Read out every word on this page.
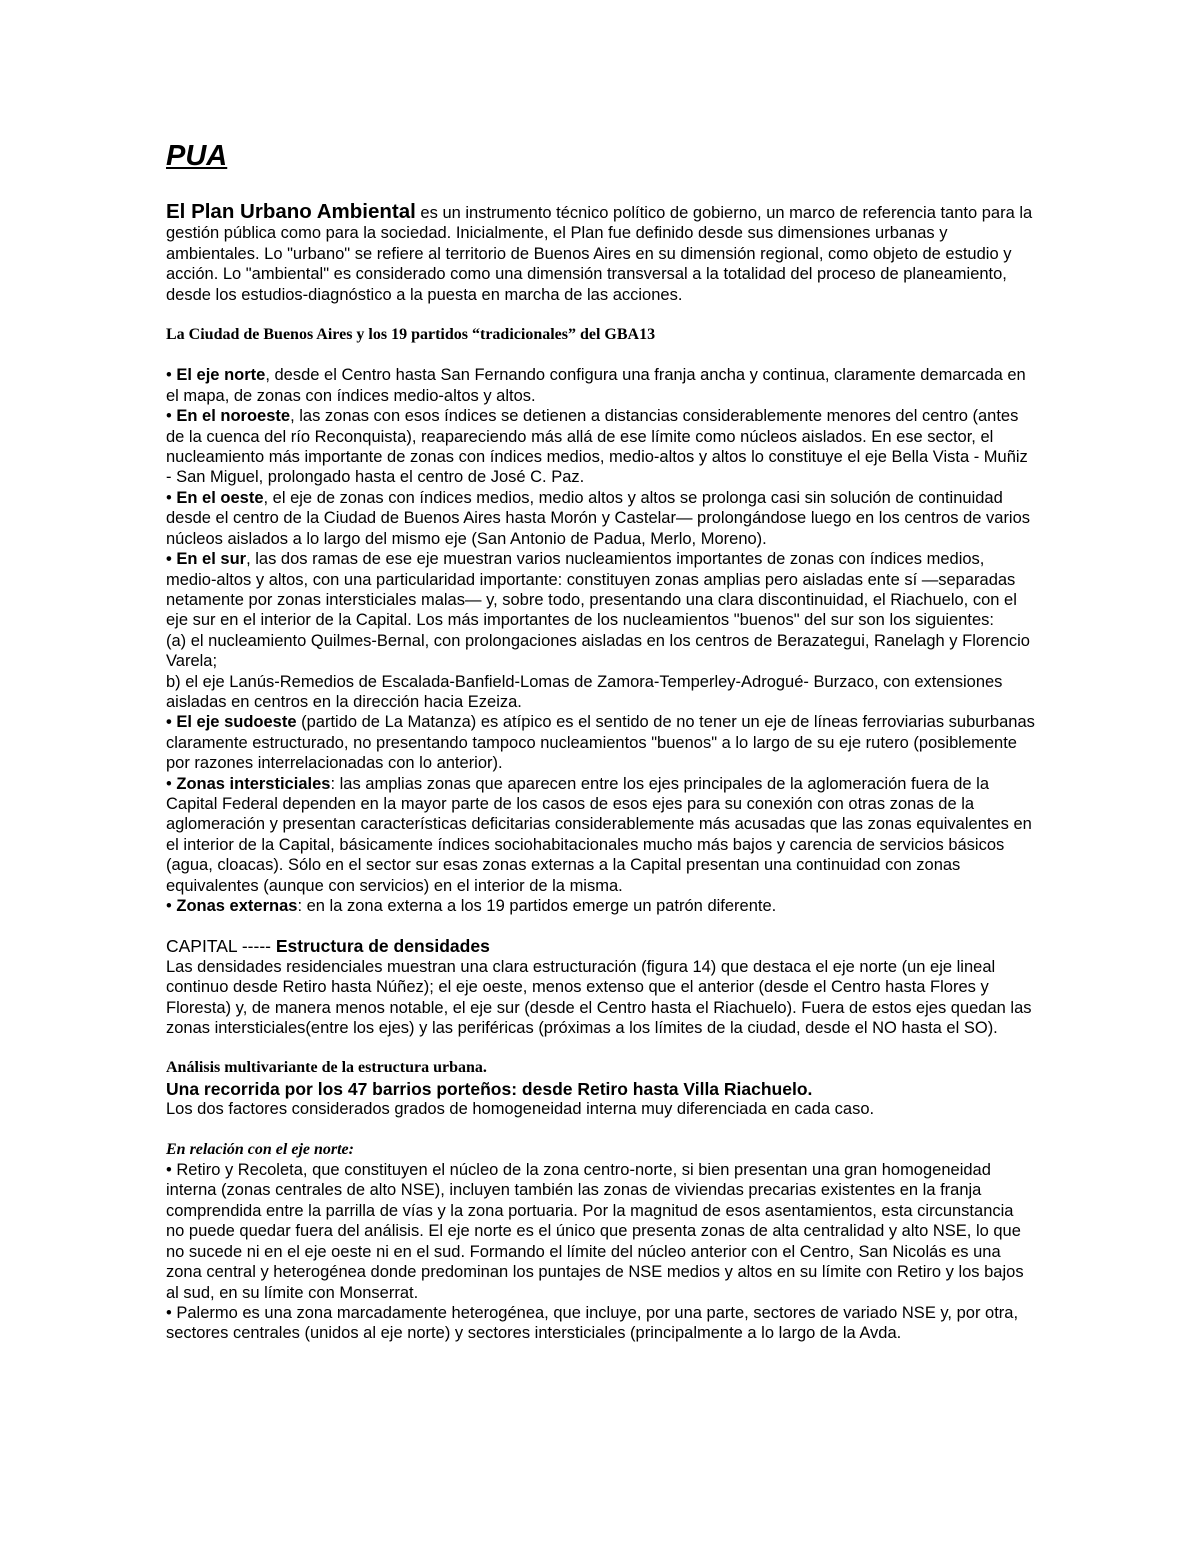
PUA

El Plan Urbano Ambiental es un instrumento técnico político de gobierno, un marco de referencia tanto para la gestión pública como para la sociedad. Inicialmente, el Plan fue definido desde sus dimensiones urbanas y ambientales. Lo "urbano" se refiere al territorio de Buenos Aires en su dimensión regional, como objeto de estudio y acción. Lo "ambiental" es considerado como una dimensión transversal a la totalidad del proceso de planeamiento, desde los estudios-diagnóstico a la puesta en marcha de las acciones.

La Ciudad de Buenos Aires y los 19 partidos “tradicionales” del GBA13

• El eje norte, desde el Centro hasta San Fernando configura una franja ancha y continua, claramente demarcada en el mapa, de zonas con índices medio-altos y altos.

• En el noroeste, las zonas con esos índices se detienen a distancias considerablemente menores del centro (antes de la cuenca del río Reconquista), reapareciendo más allá de ese límite como núcleos aislados. En ese sector, el nucleamiento más importante de zonas con índices medios, medio-altos y altos lo constituye el eje Bella Vista - Muñiz - San Miguel, prolongado hasta el centro de José C. Paz.

• En el oeste, el eje de zonas con índices medios, medio altos y altos se prolonga casi sin solución de continuidad desde el centro de la Ciudad de Buenos Aires hasta Morón y Castelar— prolongándose luego en los centros de varios núcleos aislados a lo largo del mismo eje (San Antonio de Padua, Merlo, Moreno).

• En el sur, las dos ramas de ese eje muestran varios nucleamientos importantes de zonas con índices medios, medio-altos y altos, con una particularidad importante: constituyen zonas amplias pero aisladas ente sí —separadas netamente por zonas intersticiales malas— y, sobre todo, presentando una clara discontinuidad, el Riachuelo, con el eje sur en el interior de la Capital. Los más importantes de los nucleamientos "buenos" del sur son los siguientes:

(a) el nucleamiento Quilmes-Bernal, con prolongaciones aisladas en los centros de Berazategui, Ranelagh y Florencio Varela;

b) el eje Lanús-Remedios de Escalada-Banfield-Lomas de Zamora-Temperley-Adrogué- Burzaco, con extensiones aisladas en centros en la dirección hacia Ezeiza.

• El eje sudoeste (partido de La Matanza) es atípico es el sentido de no tener un eje de líneas ferroviarias suburbanas claramente estructurado, no presentando tampoco nucleamientos "buenos" a lo largo de su eje rutero (posiblemente por razones interrelacionadas con lo anterior).

• Zonas intersticiales: las amplias zonas que aparecen entre los ejes principales de la aglomeración fuera de la Capital Federal dependen en la mayor parte de los casos de esos ejes para su conexión con otras zonas de la aglomeración y presentan características deficitarias considerablemente más acusadas que las zonas equivalentes en el interior de la Capital, básicamente índices sociohabitacionales mucho más bajos y carencia de servicios básicos (agua, cloacas). Sólo en el sector sur esas zonas externas a la Capital presentan una continuidad con zonas equivalentes (aunque con servicios) en el interior de la misma.

• Zonas externas: en la zona externa a los 19 partidos emerge un patrón diferente.

CAPITAL ----- Estructura de densidades

Las densidades residenciales muestran una clara estructuración (figura 14) que destaca el eje norte (un eje lineal continuo desde Retiro hasta Núñez); el eje oeste, menos extenso que el anterior (desde el Centro hasta Flores y Floresta) y, de manera menos notable, el eje sur (desde el Centro hasta el Riachuelo). Fuera de estos ejes quedan las zonas intersticiales(entre los ejes) y las periféricas (próximas a los límites de la ciudad, desde el NO hasta el SO).

Análisis multivariante de la estructura urbana.

Una recorrida por los 47 barrios porteños: desde Retiro hasta Villa Riachuelo.

Los dos factores considerados grados de homogeneidad interna muy diferenciada en cada caso.

En relación con el eje norte:

• Retiro y Recoleta, que constituyen el núcleo de la zona centro-norte, si bien presentan una gran homogeneidad interna (zonas centrales de alto NSE), incluyen también las zonas de viviendas precarias existentes en la franja comprendida entre la parrilla de vías y la zona portuaria. Por la magnitud de esos asentamientos, esta circunstancia no puede quedar fuera del análisis. El eje norte es el único que presenta zonas de alta centralidad y alto NSE, lo que no sucede ni en el eje oeste ni en el sud. Formando el límite del núcleo anterior con el Centro, San Nicolás es una zona central y heterogénea donde predominan los puntajes de NSE medios y altos en su límite con Retiro y los bajos al sud, en su límite con Monserrat.

• Palermo es una zona marcadamente heterogénea, que incluye, por una parte, sectores de variado NSE y, por otra, sectores centrales (unidos al eje norte) y sectores intersticiales (principalmente a lo largo de la Avda.
